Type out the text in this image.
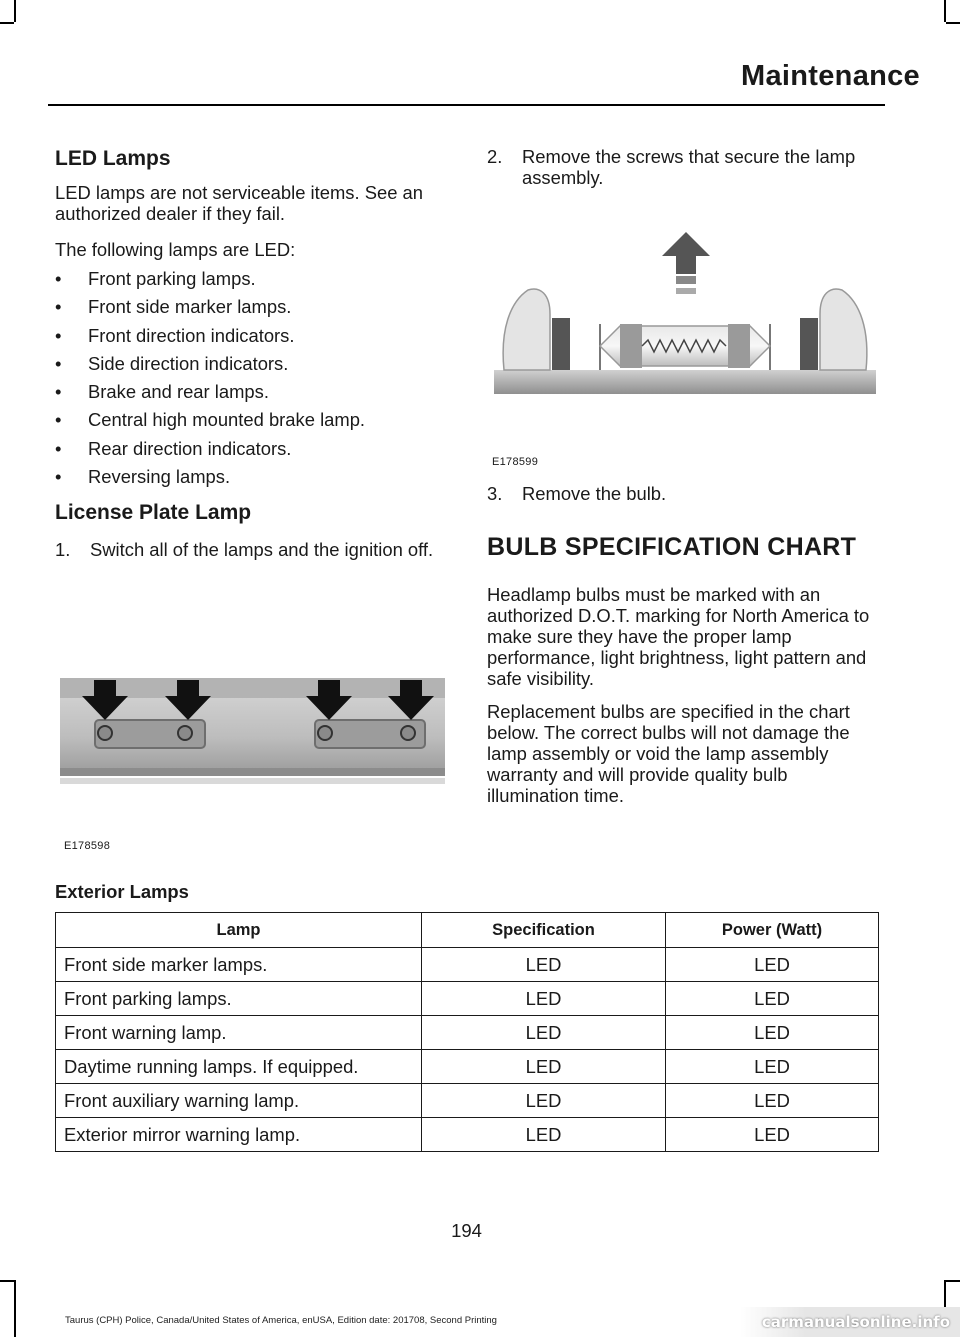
Maintenance
LED Lamps

LED lamps are not serviceable items. See an authorized dealer if they fail.

The following lamps are LED:

• Front parking lamps.
• Front side marker lamps.
• Front direction indicators.
• Side direction indicators.
• Brake and rear lamps.
• Central high mounted brake lamp.
• Rear direction indicators.
• Reversing lamps.
License Plate Lamp
1. Switch all of the lamps and the ignition off.
E178598
2. Remove the screws that secure the lamp assembly.
E178599
3. Remove the bulb.
BULB SPECIFICATION CHART

Headlamp bulbs must be marked with an authorized D.O.T. marking for North America to make sure they have the proper lamp performance, light brightness, light pattern and safe visibility.

Replacement bulbs are specified in the chart below. The correct bulbs will not damage the lamp assembly or void the lamp assembly warranty and will provide quality bulb illumination time.

Exterior Lamps
Lamp	Specification	Power (Watt)
Front side marker lamps.	LED	LED
Front parking lamps.	LED	LED
Front warning lamp.	LED	LED
Daytime running lamps. If equipped.	LED	LED
Front auxiliary warning lamp.	LED	LED
Exterior mirror warning lamp.	LED	LED
194
Taurus (CPH) Police, Canada/United States of America, enUSA, Edition date: 201708, Second Printing	carmanualsonline.info
